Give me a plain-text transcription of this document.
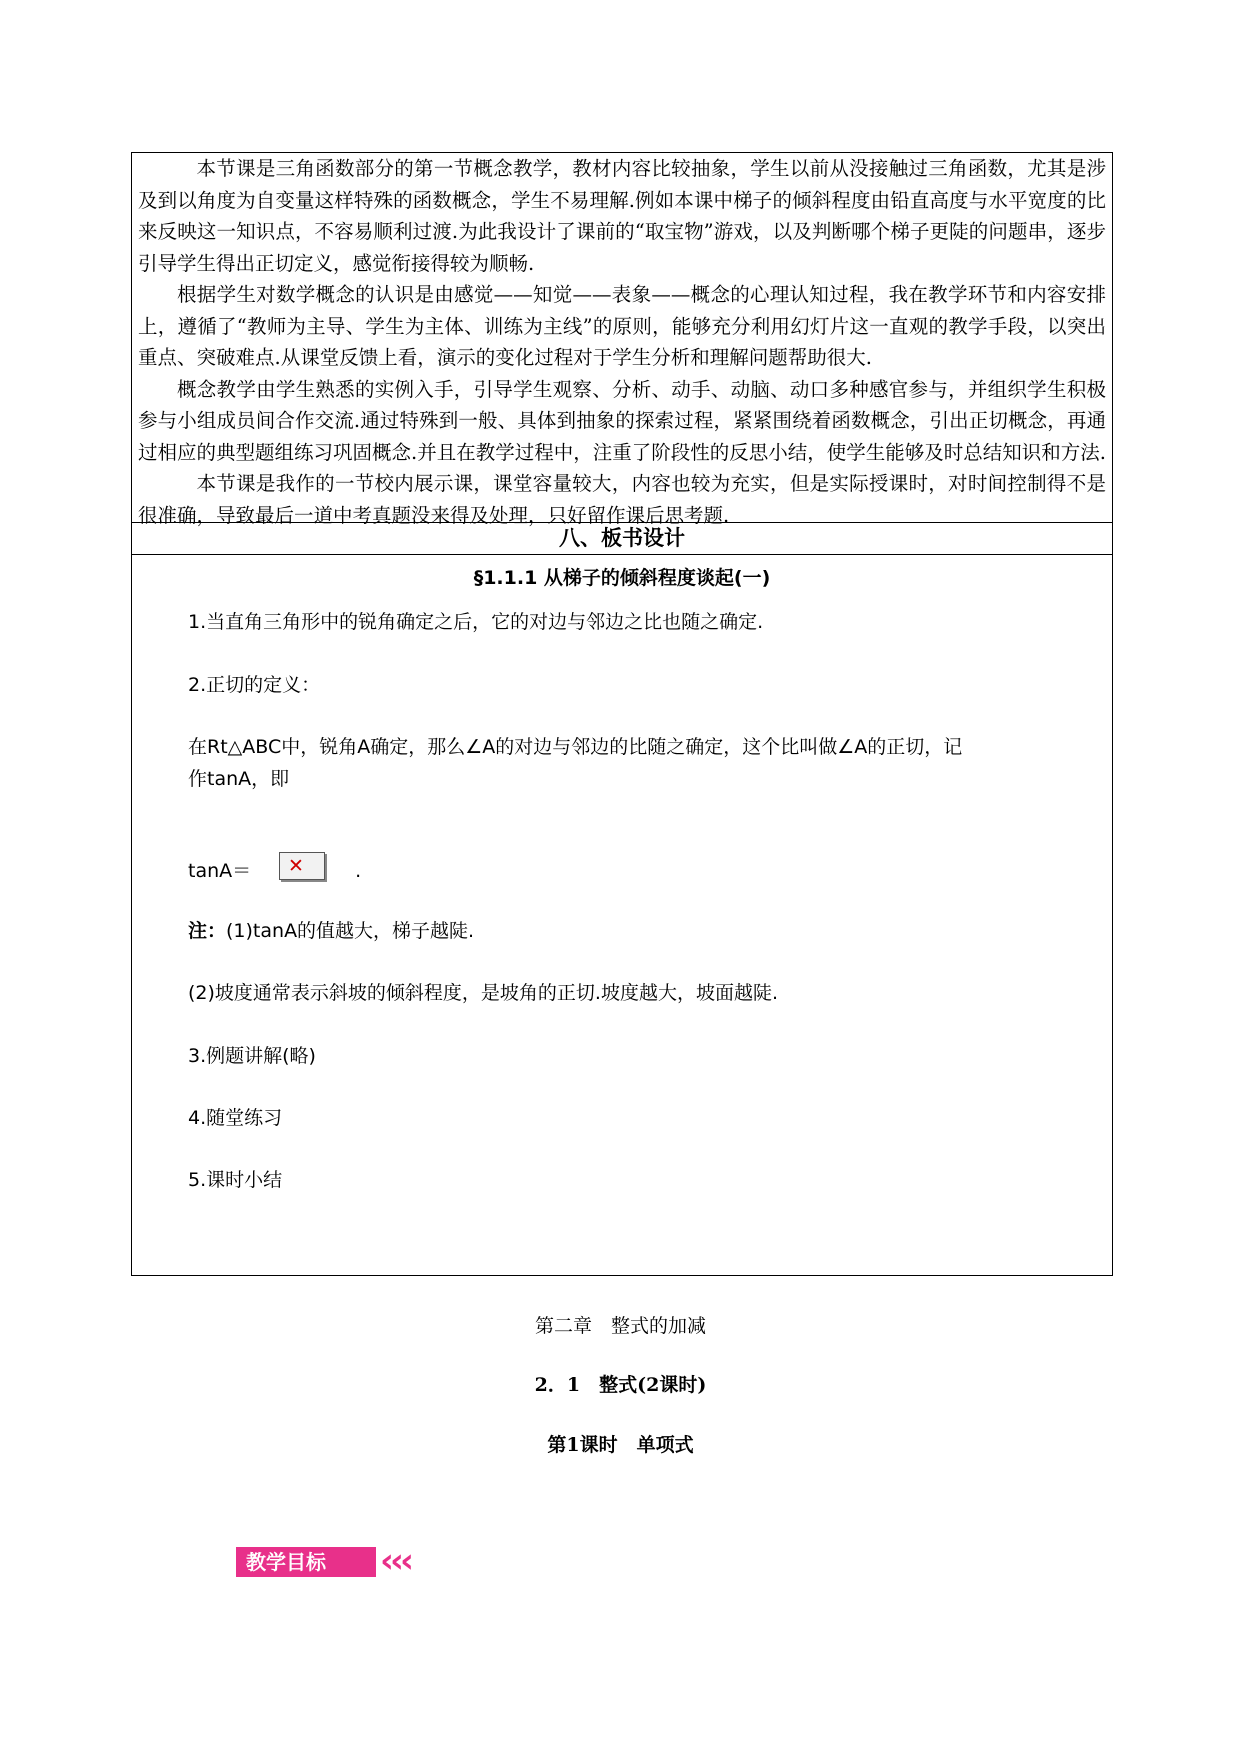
本节课是三角函数部分的第一节概念教学，教材内容比较抽象，学生以前从没接触过三角函数，尤其是涉及到以角度为自变量这样特殊的函数概念，学生不易理解.例如本课中梯子的倾斜程度由铅直高度与水平宽度的比来反映这一知识点，不容易顺利过渡.为此我设计了课前的“取宝物”游戏，以及判断哪个梯子更陡的问题串，逐步引导学生得出正切定义，感觉衔接得较为顺畅.

根据学生对数学概念的认识是由感觉——知觉——表象——概念的心理认知过程，我在教学环节和内容安排上，遵循了“教师为主导、学生为主体、训练为主线”的原则，能够充分利用幻灯片这一直观的教学手段，以突出重点、突破难点.从课堂反馈上看，演示的变化过程对于学生分析和理解问题帮助很大.

概念教学由学生熟悉的实例入手，引导学生观察、分析、动手、动脑、动口多种感官参与，并组织学生积极参与小组成员间合作交流.通过特殊到一般、具体到抽象的探索过程，紧紧围绕着函数概念，引出正切概念，再通过相应的典型题组练习巩固概念.并且在教学过程中，注重了阶段性的反思小结，使学生能够及时总结知识和方法.

本节课是我作的一节校内展示课，课堂容量较大，内容也较为充实，但是实际授课时，对时间控制得不是很准确，导致最后一道中考真题没来得及处理，只好留作课后思考题.

八、板书设计
§1.1.1 从梯子的倾斜程度谈起(一)
1.当直角三角形中的锐角确定之后，它的对边与邻边之比也随之确定.
2.正切的定义：
在Rt△ABC中，锐角A确定，那么∠A的对边与邻边的比随之确定，这个比叫做∠A的正切，记
作tanA，即
tanA＝	.
✕
注：(1)tanA的值越大，梯子越陡.
(2)坡度通常表示斜坡的倾斜程度，是坡角的正切.坡度越大，坡面越陡.
3.例题讲解(略)
4.随堂练习
5.课时小结
第二章　整式的加减
2．1　整式(2课时)
第1课时　单项式
教学目标	‹‹‹
